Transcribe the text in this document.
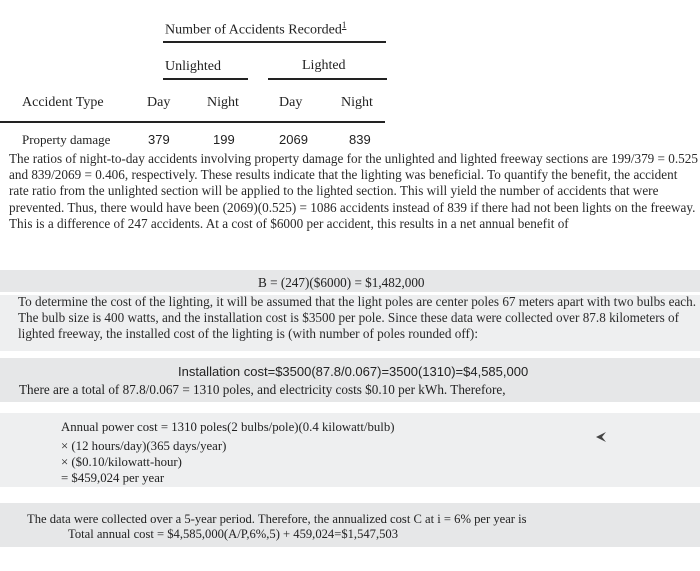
Number of Accidents Recorded$^1$
Unlighted	Lighted
Accident Type	Day	Night	Day	Night
Property damage	379	199	2069	839
The ratios of night-to-day accidents involving property damage for the unlighted and lighted freeway sections are 199/379 = 0.525 and 839/2069 = 0.406, respectively. These results indicate that the lighting was beneficial. To quantify the benefit, the accident rate ratio from the unlighted section will be applied to the lighted section. This will yield the number of accidents that were prevented. Thus, there would have been (2069)(0.525) = 1086 accidents instead of 839 if there had not been lights on the freeway. This is a difference of 247 accidents. At a cost of $6000 per accident, this results in a net annual benefit of
B = (247)($6000) = $1,482,000
To determine the cost of the lighting, it will be assumed that the light poles are center poles 67 meters apart with two bulbs each. The bulb size is 400 watts, and the installation cost is $3500 per pole. Since these data were collected over 87.8 kilometers of lighted freeway, the installed cost of the lighting is (with number of poles rounded off):
Installation cost=$3500(87.8/0.067)=3500(1310)=$4,585,000
There are a total of 87.8/0.067 = 1310 poles, and electricity costs $0.10 per kWh. Therefore,
Annual power cost = 1310 poles(2 bulbs/pole)(0.4 kilowatt/bulb)
× (12 hours/day)(365 days/year)
× ($0.10/kilowatt-hour)
= $459,024 per year
The data were collected over a 5-year period. Therefore, the annualized cost C at i = 6% per year is
Total annual cost = $4,585,000(A/P,6%,5) + 459,024=$1,547,503
